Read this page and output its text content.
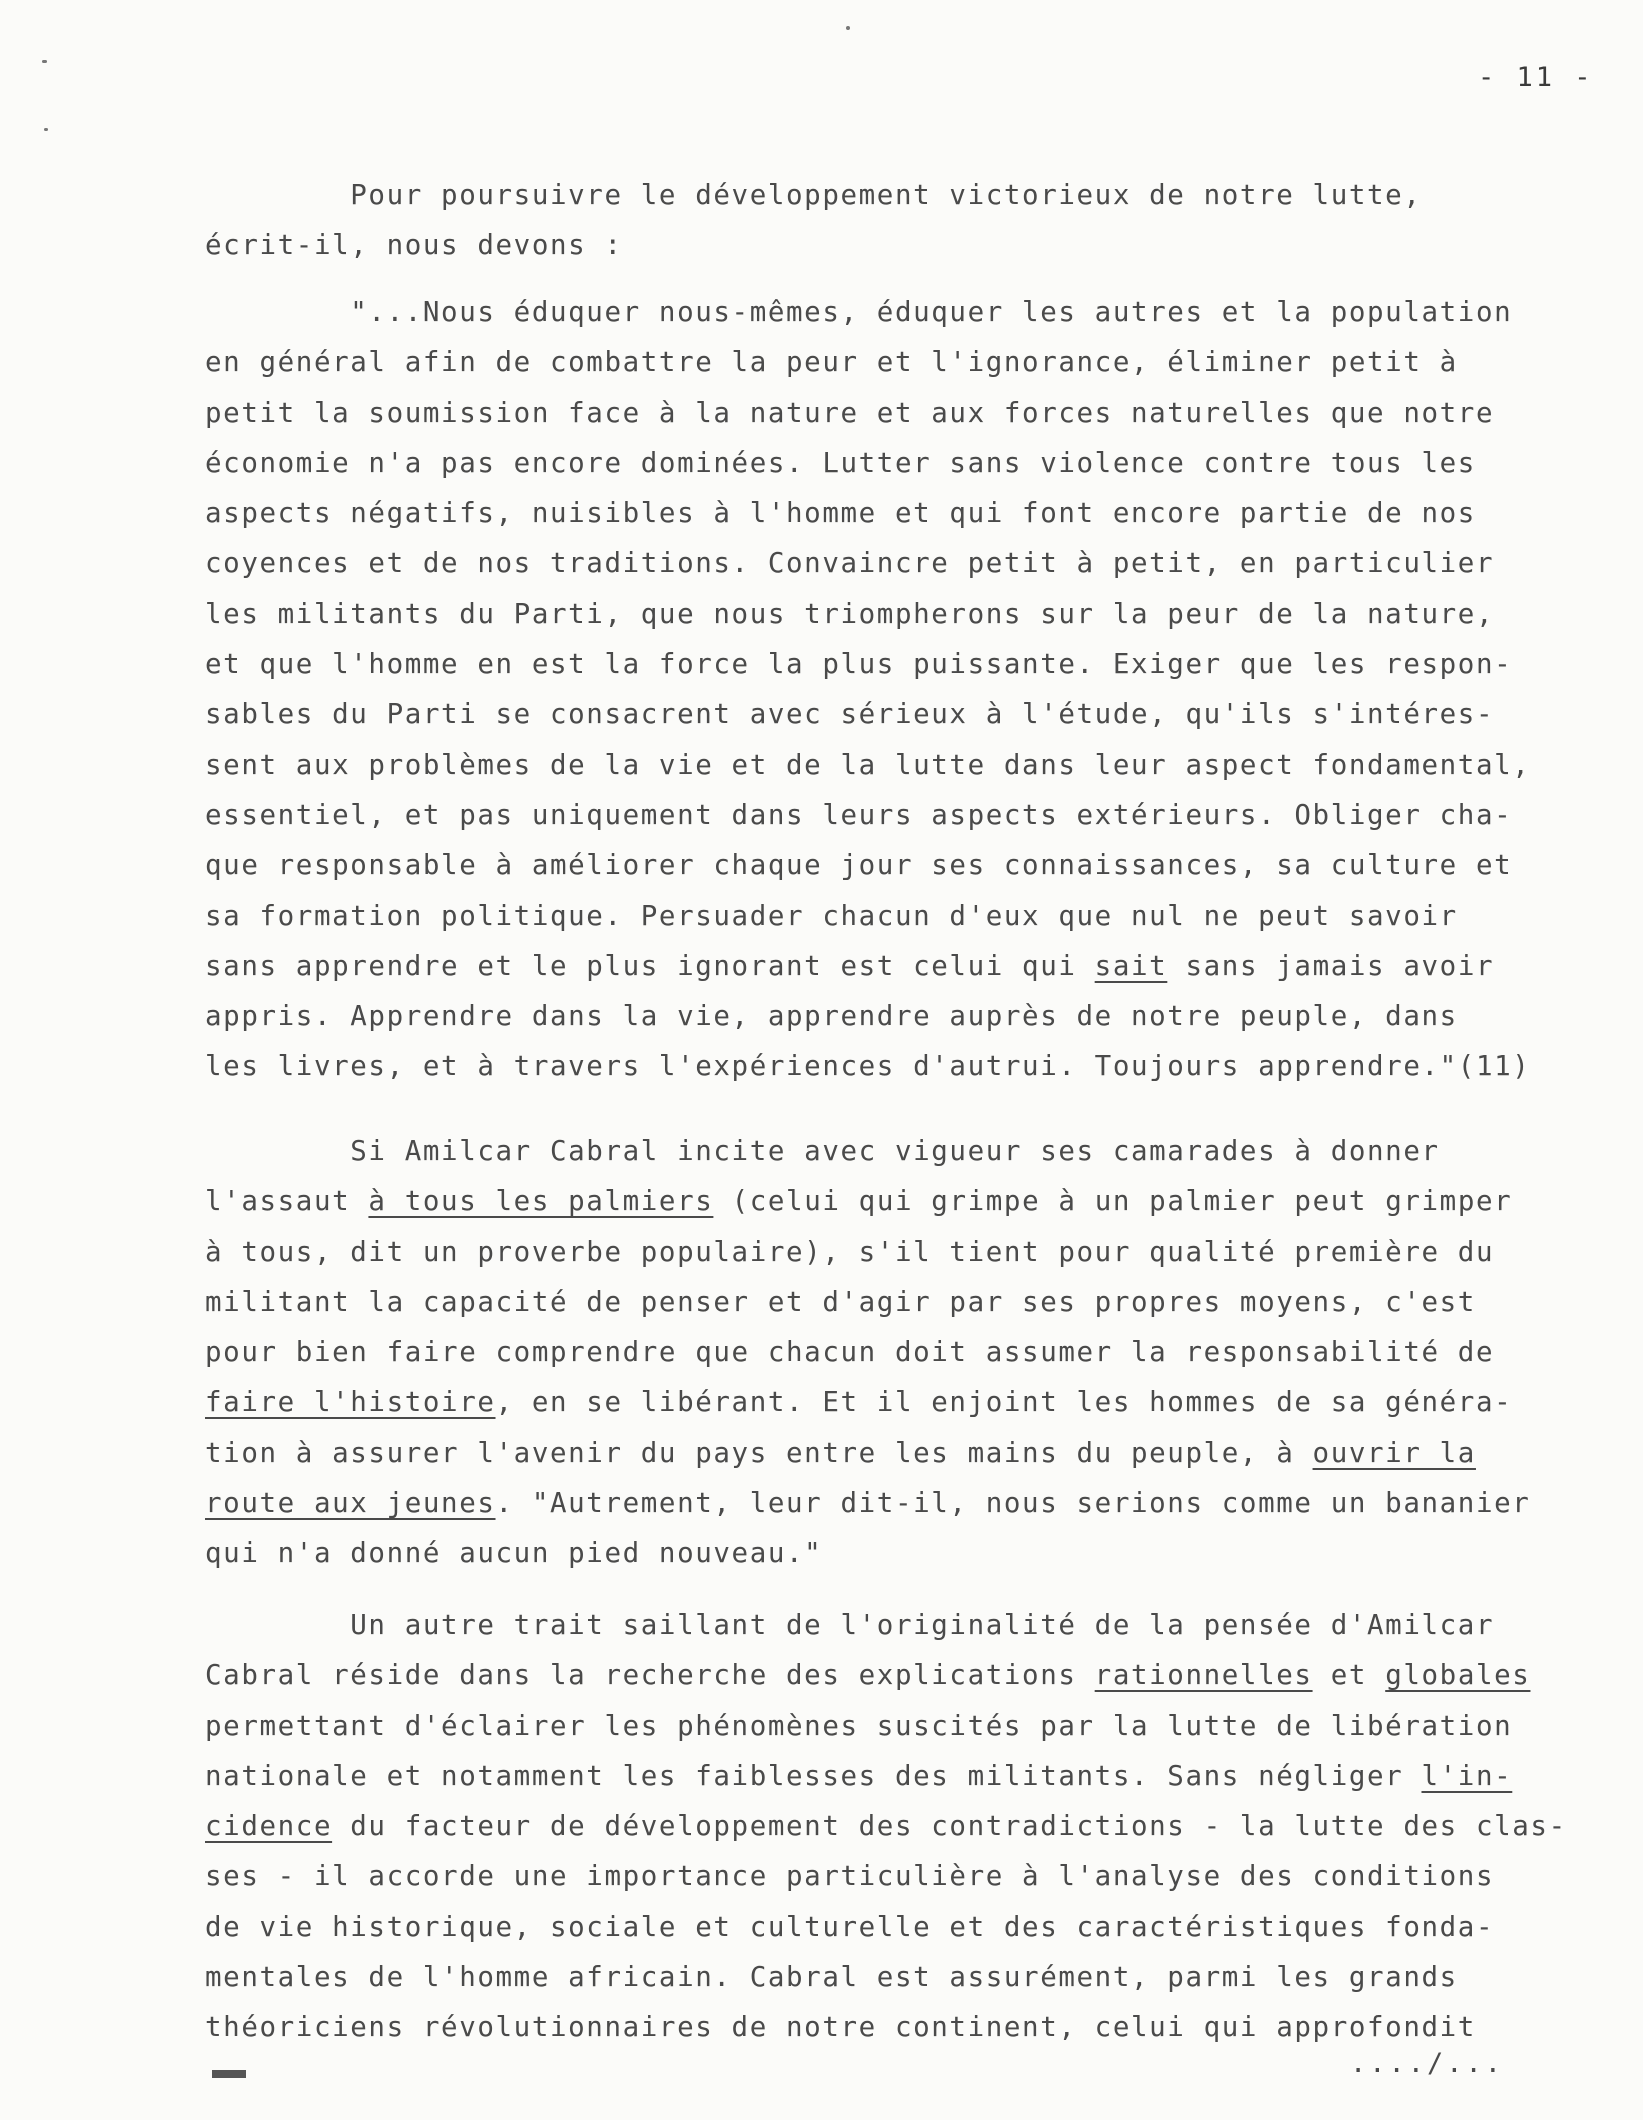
- 11 -
Pour poursuivre le développement victorieux de notre lutte,
écrit-il, nous devons :
"...Nous éduquer nous-mêmes, éduquer les autres et la population
en général afin de combattre la peur et l'ignorance, éliminer petit à
petit la soumission face à la nature et aux forces naturelles que notre
économie n'a pas encore dominées. Lutter sans violence contre tous les
aspects négatifs, nuisibles à l'homme et qui font encore partie de nos
coyences et de nos traditions. Convaincre petit à petit, en particulier
les militants du Parti, que nous triompherons sur la peur de la nature,
et que l'homme en est la force la plus puissante. Exiger que les respon-
sables du Parti se consacrent avec sérieux à l'étude, qu'ils s'intéres-
sent aux problèmes de la vie et de la lutte dans leur aspect fondamental,
essentiel, et pas uniquement dans leurs aspects extérieurs. Obliger cha-
que responsable à améliorer chaque jour ses connaissances, sa culture et
sa formation politique. Persuader chacun d'eux que nul ne peut savoir
sans apprendre et le plus ignorant est celui qui sait sans jamais avoir
appris. Apprendre dans la vie, apprendre auprès de notre peuple, dans
les livres, et à travers l'expériences d'autrui. Toujours apprendre."(11)
Si Amilcar Cabral incite avec vigueur ses camarades à donner
l'assaut à tous les palmiers (celui qui grimpe à un palmier peut grimper
à tous, dit un proverbe populaire), s'il tient pour qualité première du
militant la capacité de penser et d'agir par ses propres moyens, c'est
pour bien faire comprendre que chacun doit assumer la responsabilité de
faire l'histoire, en se libérant. Et il enjoint les hommes de sa généra-
tion à assurer l'avenir du pays entre les mains du peuple, à ouvrir la
route aux jeunes. "Autrement, leur dit-il, nous serions comme un bananier
qui n'a donné aucun pied nouveau."
Un autre trait saillant de l'originalité de la pensée d'Amilcar
Cabral réside dans la recherche des explications rationnelles et globales
permettant d'éclairer les phénomènes suscités par la lutte de libération
nationale et notamment les faiblesses des militants. Sans négliger l'in-
cidence du facteur de développement des contradictions - la lutte des clas-
ses - il accorde une importance particulière à l'analyse des conditions
de vie historique, sociale et culturelle et des caractéristiques fonda-
mentales de l'homme africain. Cabral est assurément, parmi les grands
théoriciens révolutionnaires de notre continent, celui qui approfondit
..../...
